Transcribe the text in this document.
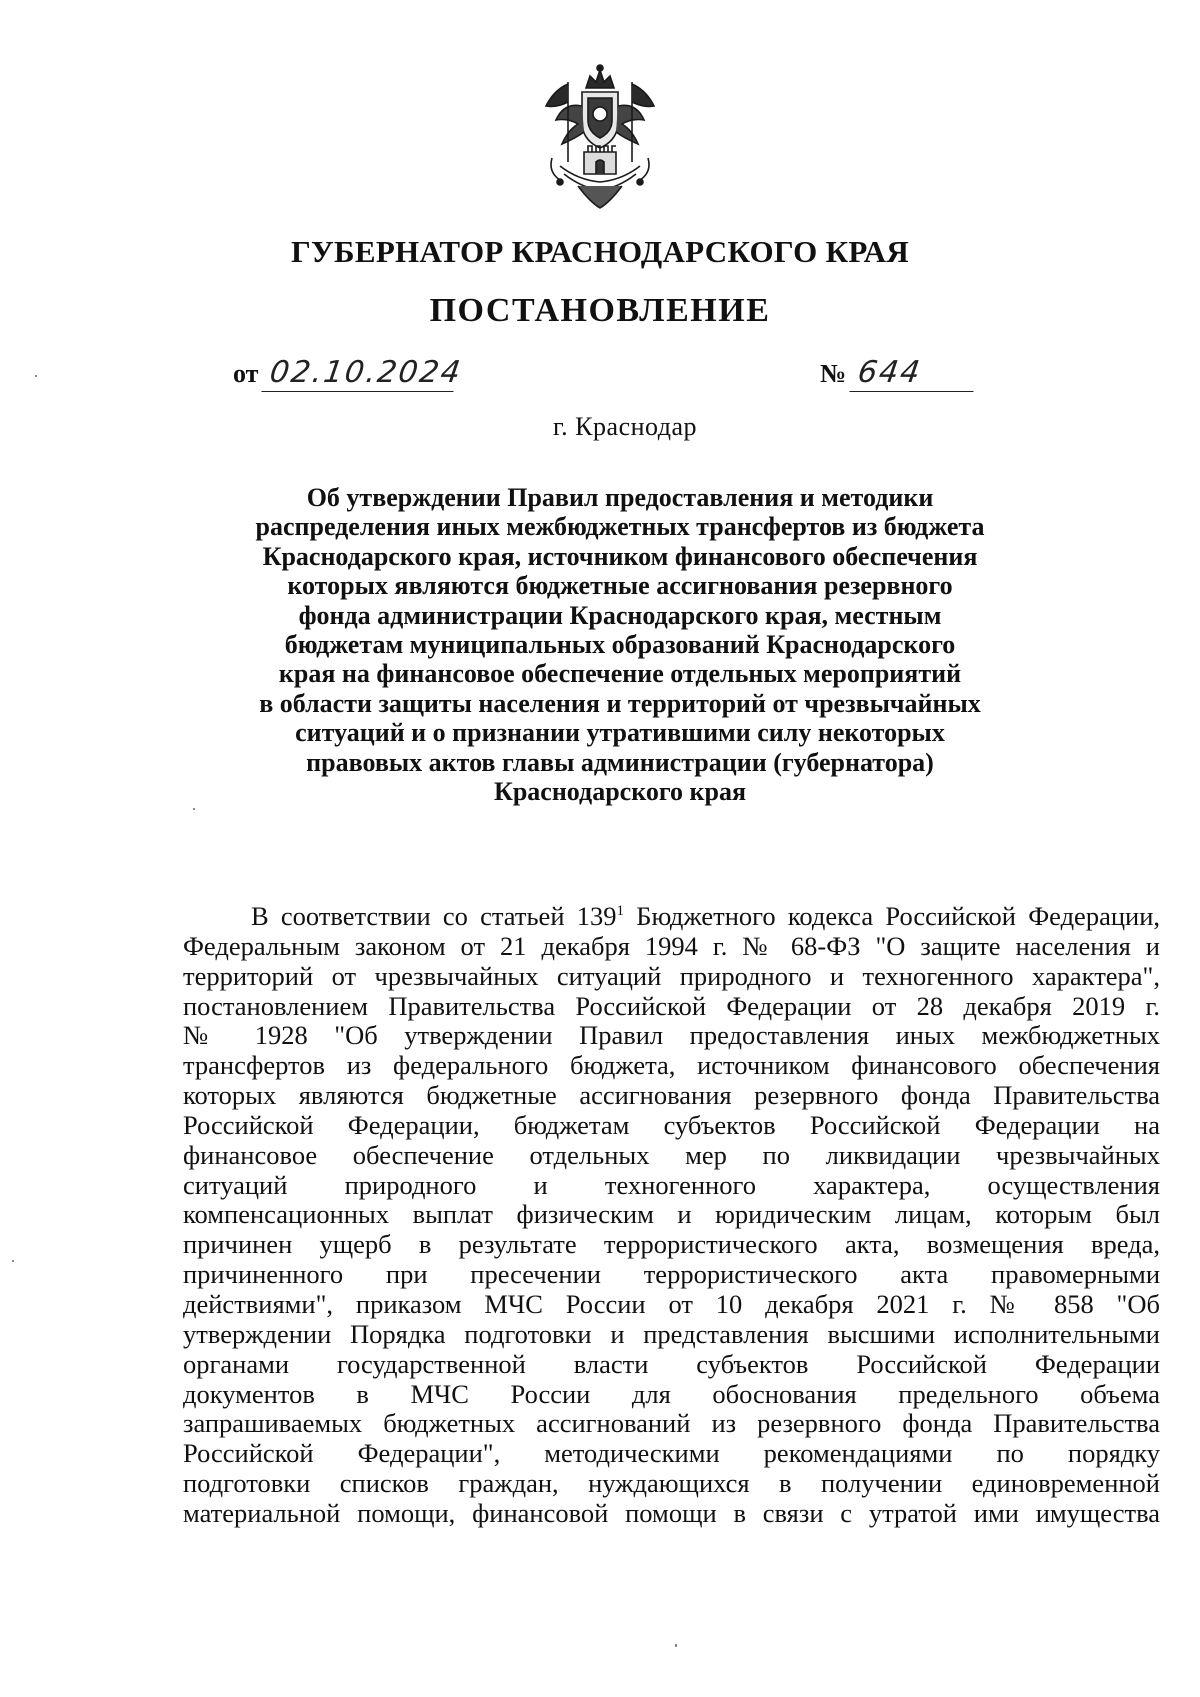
ГУБЕРНАТОР КРАСНОДАРСКОГО КРАЯ
ПОСТАНОВЛЕНИЕ
от 02.10.2024	№ 644
г. Краснодар
Об утверждении Правил предоставления и методики
распределения иных межбюджетных трансфертов из бюджета
Краснодарского края, источником финансового обеспечения
которых являются бюджетные ассигнования резервного
фонда администрации Краснодарского края, местным
бюджетам муниципальных образований Краснодарского
края на финансовое обеспечение отдельных мероприятий
в области защиты населения и территорий от чрезвычайных
ситуаций и о признании утратившими силу некоторых
правовых актов главы администрации (губернатора)
Краснодарского края
В соответствии со статьей $139^1$ Бюджетного кодекса Российской Федерации,
Федеральным законом от 21 декабря 1994 г. № 68-ФЗ "О защите населения и
территорий от чрезвычайных ситуаций природного и техногенного характера",
постановлением Правительства Российской Федерации от 28 декабря 2019 г.
№ 1928 "Об утверждении Правил предоставления иных межбюджетных
трансфертов из федерального бюджета, источником финансового обеспечения
которых являются бюджетные ассигнования резервного фонда Правительства
Российской Федерации, бюджетам субъектов Российской Федерации на
финансовое обеспечение отдельных мер по ликвидации чрезвычайных
ситуаций природного и техногенного характера, осуществления
компенсационных выплат физическим и юридическим лицам, которым был
причинен ущерб в результате террористического акта, возмещения вреда,
причиненного при пресечении террористического акта правомерными
действиями", приказом МЧС России от 10 декабря 2021 г. № 858 "Об
утверждении Порядка подготовки и представления высшими исполнительными
органами государственной власти субъектов Российской Федерации
документов в МЧС России для обоснования предельного объема
запрашиваемых бюджетных ассигнований из резервного фонда Правительства
Российской Федерации", методическими рекомендациями по порядку
подготовки списков граждан, нуждающихся в получении единовременной
материальной помощи, финансовой помощи в связи с утратой ими имущества
